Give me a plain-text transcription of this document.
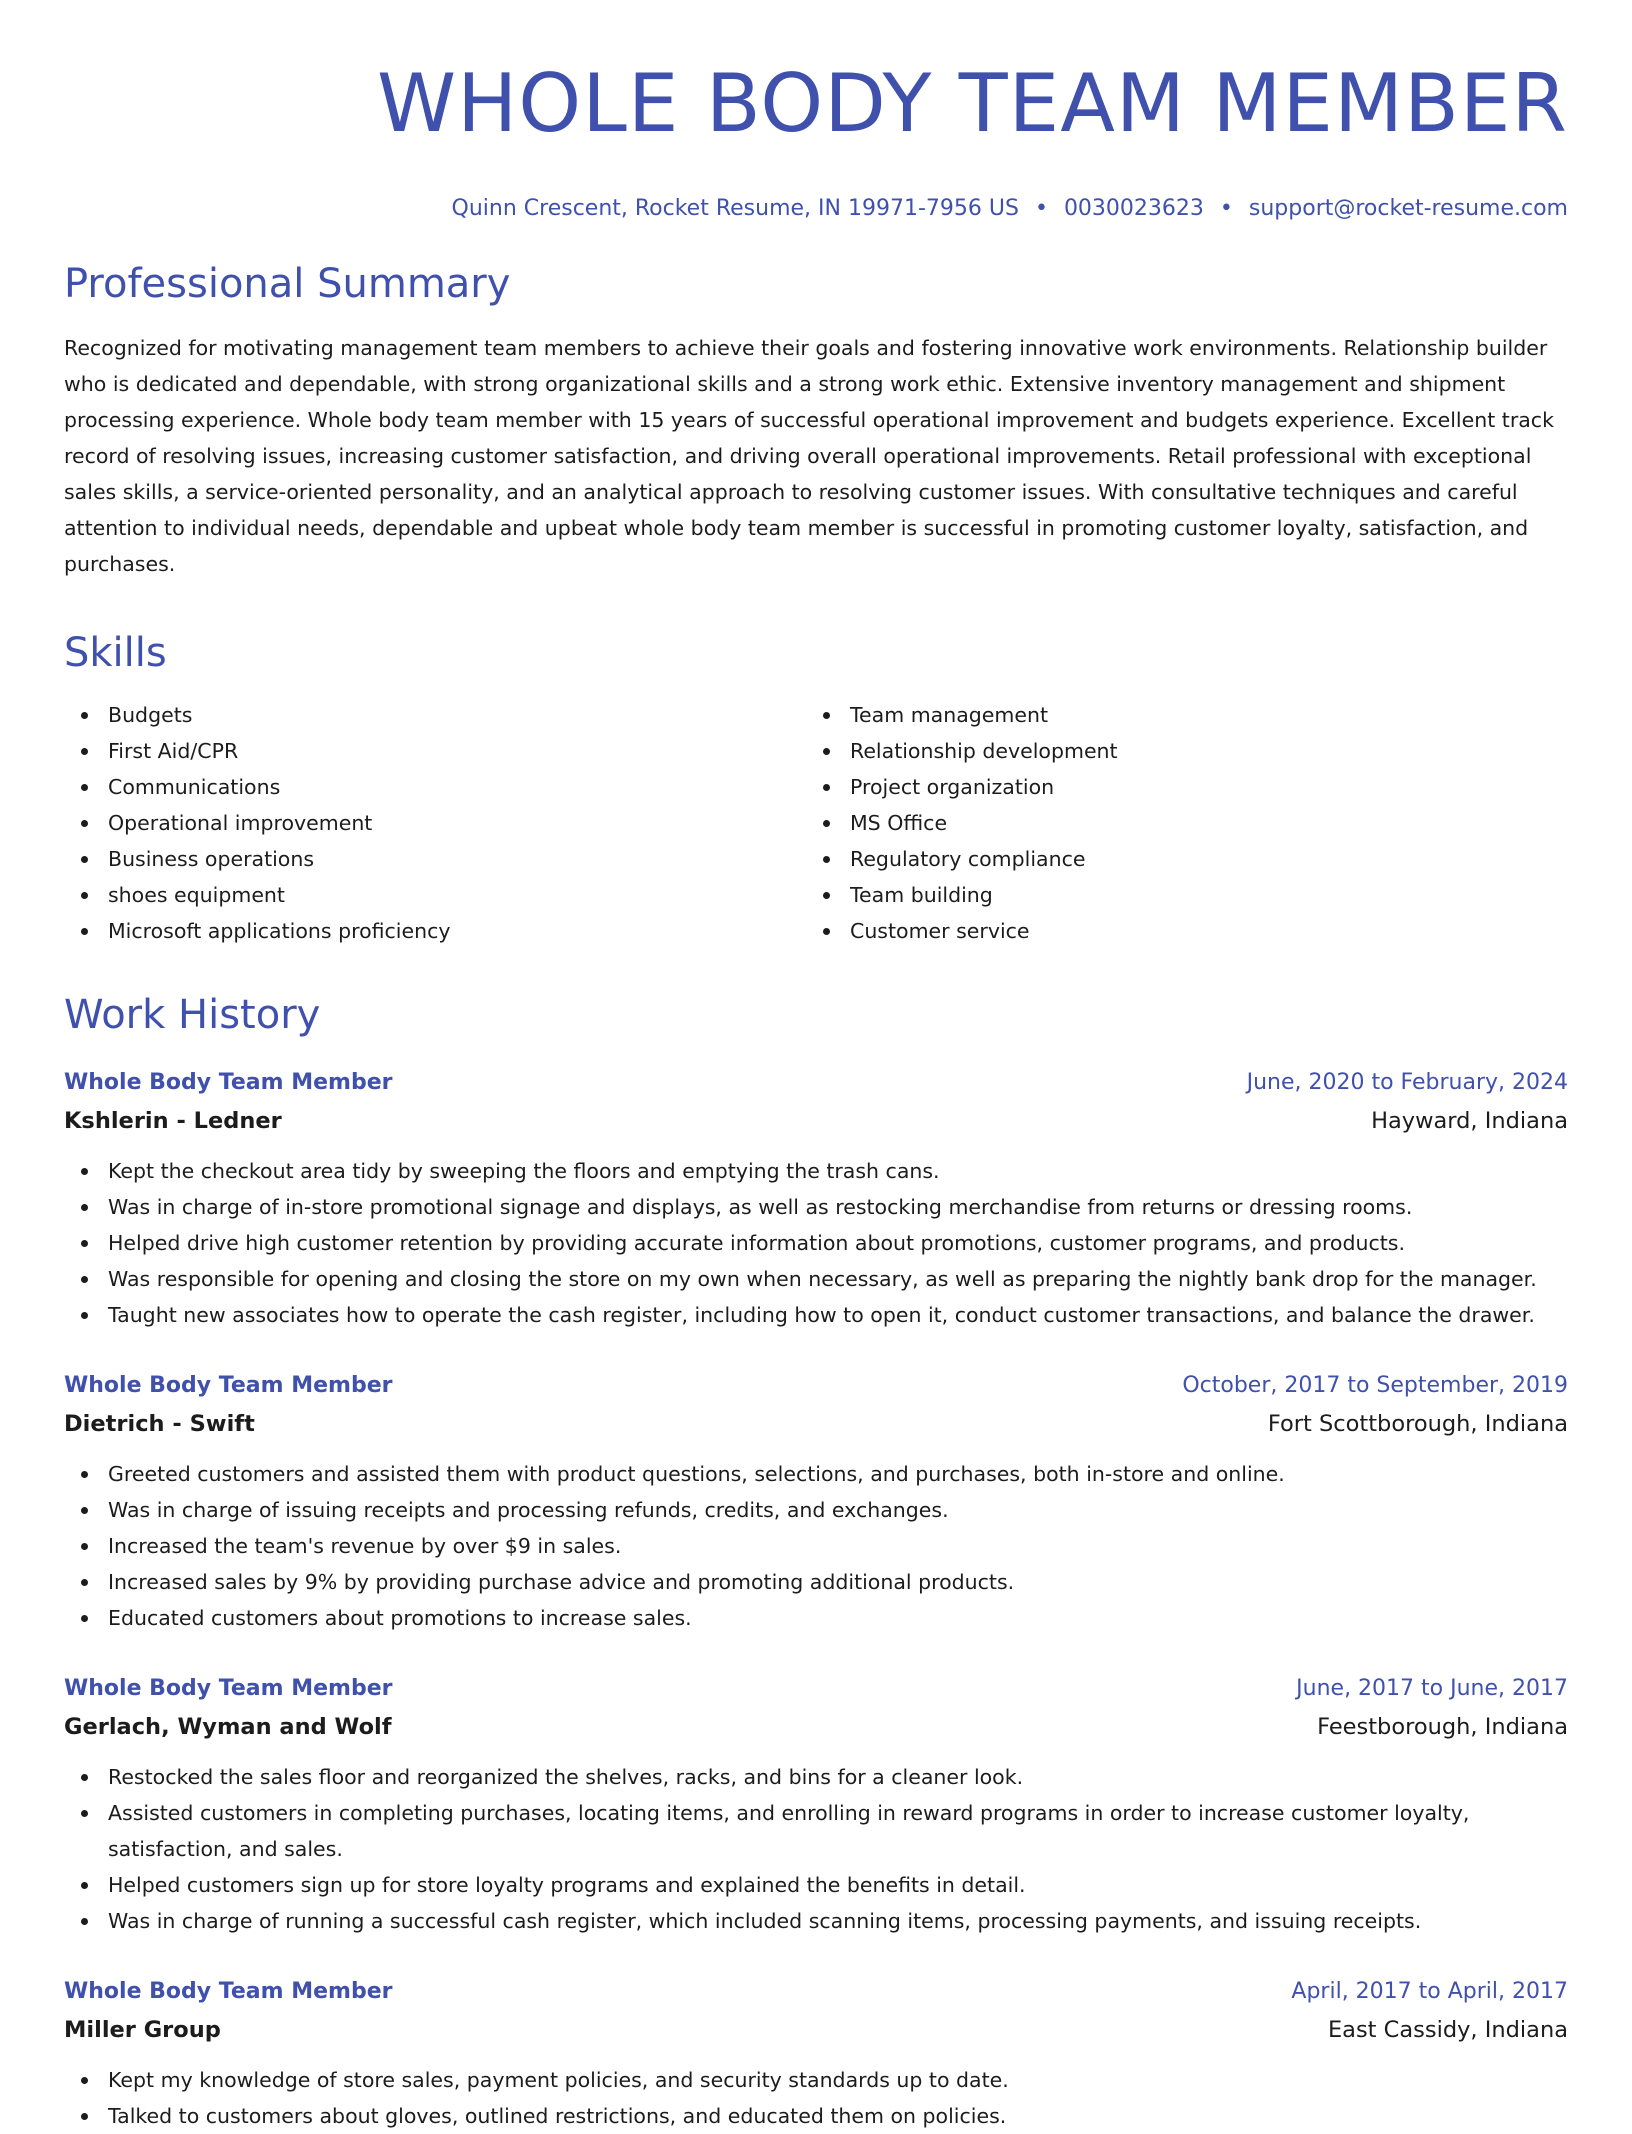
WHOLE BODY TEAM MEMBER
Quinn Crescent, Rocket Resume, IN 19971-7956 US • 0030023623 • support@rocket-resume.com
Professional Summary

Recognized for motivating management team members to achieve their goals and fostering innovative work environments. Relationship builder who is dedicated and dependable, with strong organizational skills and a strong work ethic. Extensive inventory management and shipment processing experience. Whole body team member with 15 years of successful operational improvement and budgets experience. Excellent track record of resolving issues, increasing customer satisfaction, and driving overall operational improvements. Retail professional with exceptional sales skills, a service-oriented personality, and an analytical approach to resolving customer issues. With consultative techniques and careful attention to individual needs, dependable and upbeat whole body team member is successful in promoting customer loyalty, satisfaction, and purchases.

Skills
Budgets
First Aid/CPR
Communications
Operational improvement
Business operations
shoes equipment
Microsoft applications proficiency
Team management
Relationship development
Project organization
MS Office
Regulatory compliance
Team building
Customer service
Work History
Whole Body Team Member	June, 2020 to February, 2024
Kshlerin - Ledner	Hayward, Indiana
Kept the checkout area tidy by sweeping the floors and emptying the trash cans.
Was in charge of in-store promotional signage and displays, as well as restocking merchandise from returns or dressing rooms.
Helped drive high customer retention by providing accurate information about promotions, customer programs, and products.
Was responsible for opening and closing the store on my own when necessary, as well as preparing the nightly bank drop for the manager.
Taught new associates how to operate the cash register, including how to open it, conduct customer transactions, and balance the drawer.
Whole Body Team Member	October, 2017 to September, 2019
Dietrich - Swift	Fort Scottborough, Indiana
Greeted customers and assisted them with product questions, selections, and purchases, both in-store and online.
Was in charge of issuing receipts and processing refunds, credits, and exchanges.
Increased the team's revenue by over $9 in sales.
Increased sales by 9% by providing purchase advice and promoting additional products.
Educated customers about promotions to increase sales.
Whole Body Team Member	June, 2017 to June, 2017
Gerlach, Wyman and Wolf	Feestborough, Indiana
Restocked the sales floor and reorganized the shelves, racks, and bins for a cleaner look.
Assisted customers in completing purchases, locating items, and enrolling in reward programs in order to increase customer loyalty, satisfaction, and sales.
Helped customers sign up for store loyalty programs and explained the benefits in detail.
Was in charge of running a successful cash register, which included scanning items, processing payments, and issuing receipts.
Whole Body Team Member	April, 2017 to April, 2017
Miller Group	East Cassidy, Indiana
Kept my knowledge of store sales, payment policies, and security standards up to date.
Talked to customers about gloves, outlined restrictions, and educated them on policies.
